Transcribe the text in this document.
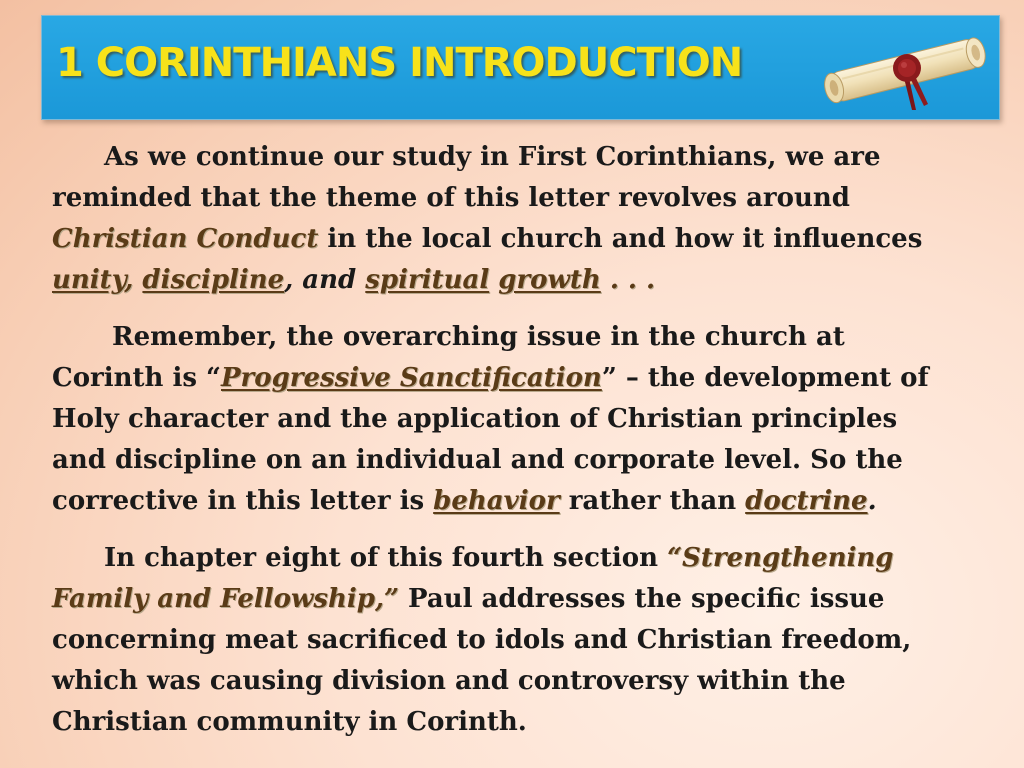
1 CORINTHIANS INTRODUCTION
As we continue our study in First Corinthians, we are
reminded that the theme of this letter revolves around
Christian Conduct in the local church and how it influences
unity, discipline, and spiritual growth . . .
Remember, the overarching issue in the church at
Corinth is “Progressive Sanctification” – the development of
Holy character and the application of Christian principles
and discipline on an individual and corporate level. So the
corrective in this letter is behavior rather than doctrine.
In chapter eight of this fourth section “Strengthening
Family and Fellowship,” Paul addresses the specific issue
concerning meat sacrificed to idols and Christian freedom,
which was causing division and controversy within the
Christian community in Corinth.
